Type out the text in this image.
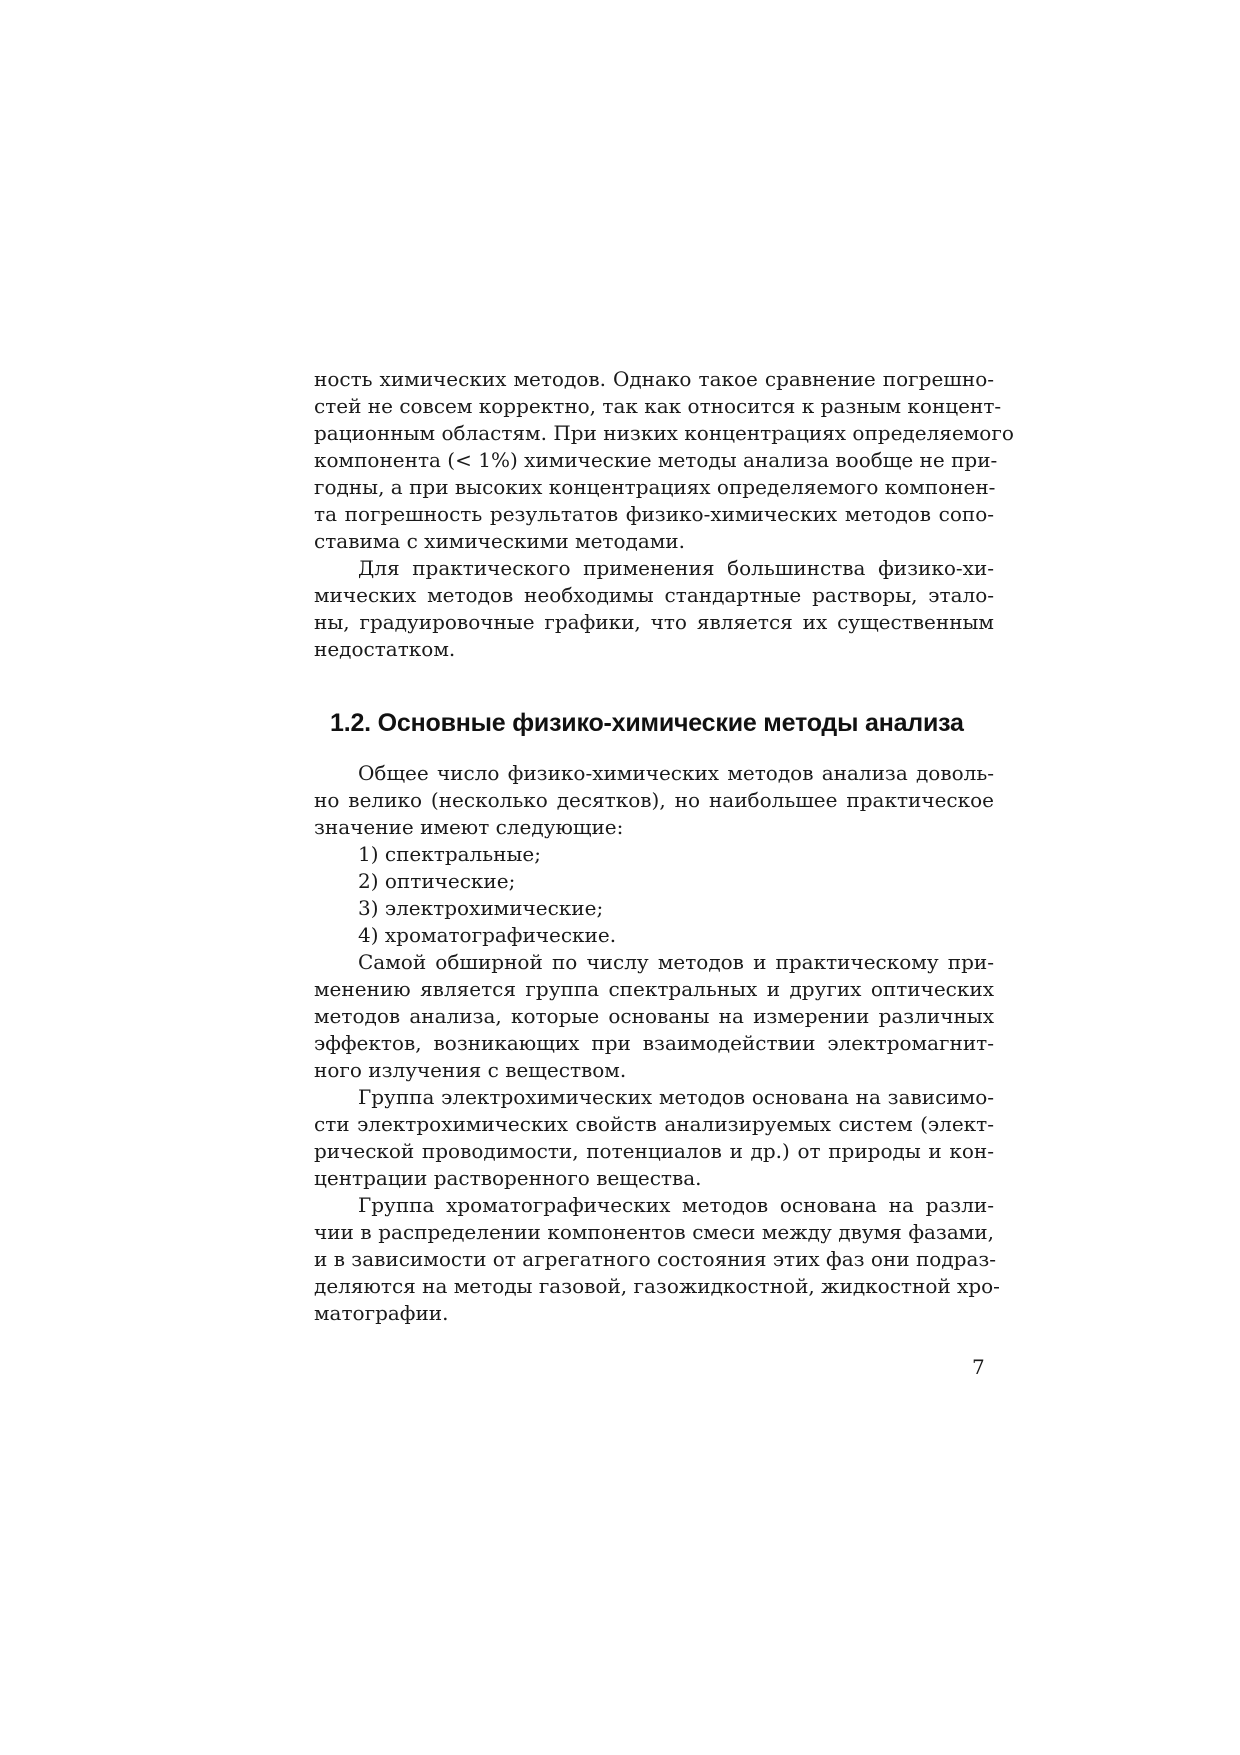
ность химических методов. Однако такое сравнение погрешно-
стей не совсем корректно, так как относится к разным концент-
рационным областям. При низких концентрациях определяемого
компонента (< 1%) химические методы анализа вообще не при-
годны, а при высоких концентрациях определяемого компонен-
та погрешность результатов физико-химических методов сопо-
ставима с химическими методами.
Для практического применения большинства физико-хи-
мических методов необходимы стандартные растворы, этало-
ны, градуировочные графики, что является их существенным
недостатком.
1.2. Основные физико-химические методы анализа
Общее число физико-химических методов анализа доволь-
но велико (несколько десятков), но наибольшее практическое
значение имеют следующие:
1) спектральные;
2) оптические;
3) электрохимические;
4) хроматографические.
Самой обширной по числу методов и практическому при-
менению является группа спектральных и других оптических
методов анализа, которые основаны на измерении различных
эффектов, возникающих при взаимодействии электромагнит-
ного излучения с веществом.
Группа электрохимических методов основана на зависимо-
сти электрохимических свойств анализируемых систем (элект-
рической проводимости, потенциалов и др.) от природы и кон-
центрации растворенного вещества.
Группа хроматографических методов основана на разли-
чии в распределении компонентов смеси между двумя фазами,
и в зависимости от агрегатного состояния этих фаз они подраз-
деляются на методы газовой, газожидкостной, жидкостной хро-
матографии.
7
